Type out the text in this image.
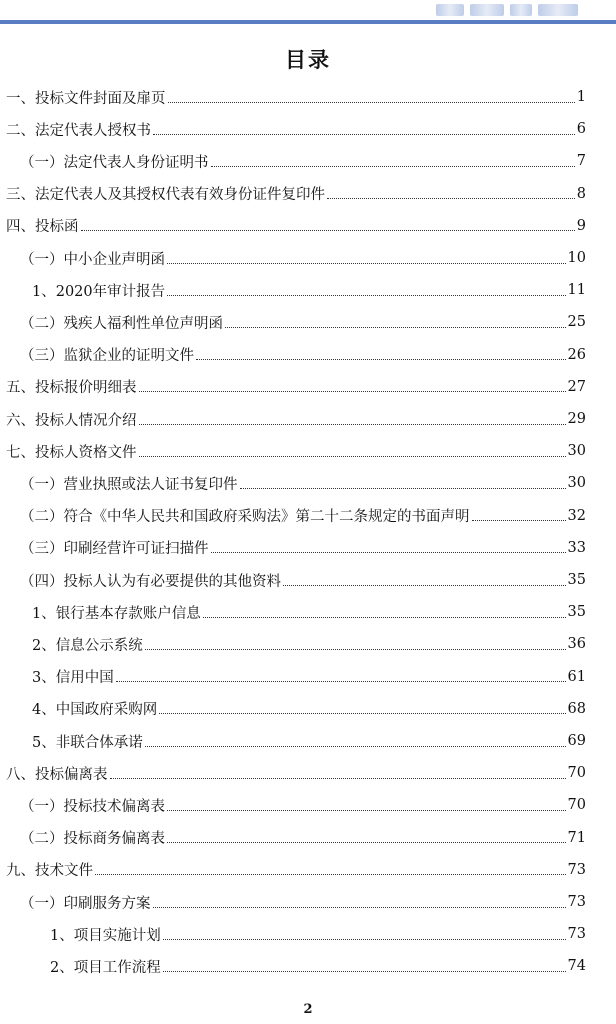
目录
一、投标文件封面及扉页	1
二、法定代表人授权书	6
（一）法定代表人身份证明书	7
三、法定代表人及其授权代表有效身份证件复印件	8
四、投标函	9
（一）中小企业声明函	10
1、2020年审计报告	11
（二）残疾人福利性单位声明函	25
（三）监狱企业的证明文件	26
五、投标报价明细表	27
六、投标人情况介绍	29
七、投标人资格文件	30
（一）营业执照或法人证书复印件	30
（二）符合《中华人民共和国政府采购法》第二十二条规定的书面声明	32
（三）印刷经营许可证扫描件	33
（四）投标人认为有必要提供的其他资料	35
1、银行基本存款账户信息	35
2、信息公示系统	36
3、信用中国	61
4、中国政府采购网	68
5、非联合体承诺	69
八、投标偏离表	70
（一）投标技术偏离表	70
（二）投标商务偏离表	71
九、技术文件	73
（一）印刷服务方案	73
1、项目实施计划	73
2、项目工作流程	74
2
